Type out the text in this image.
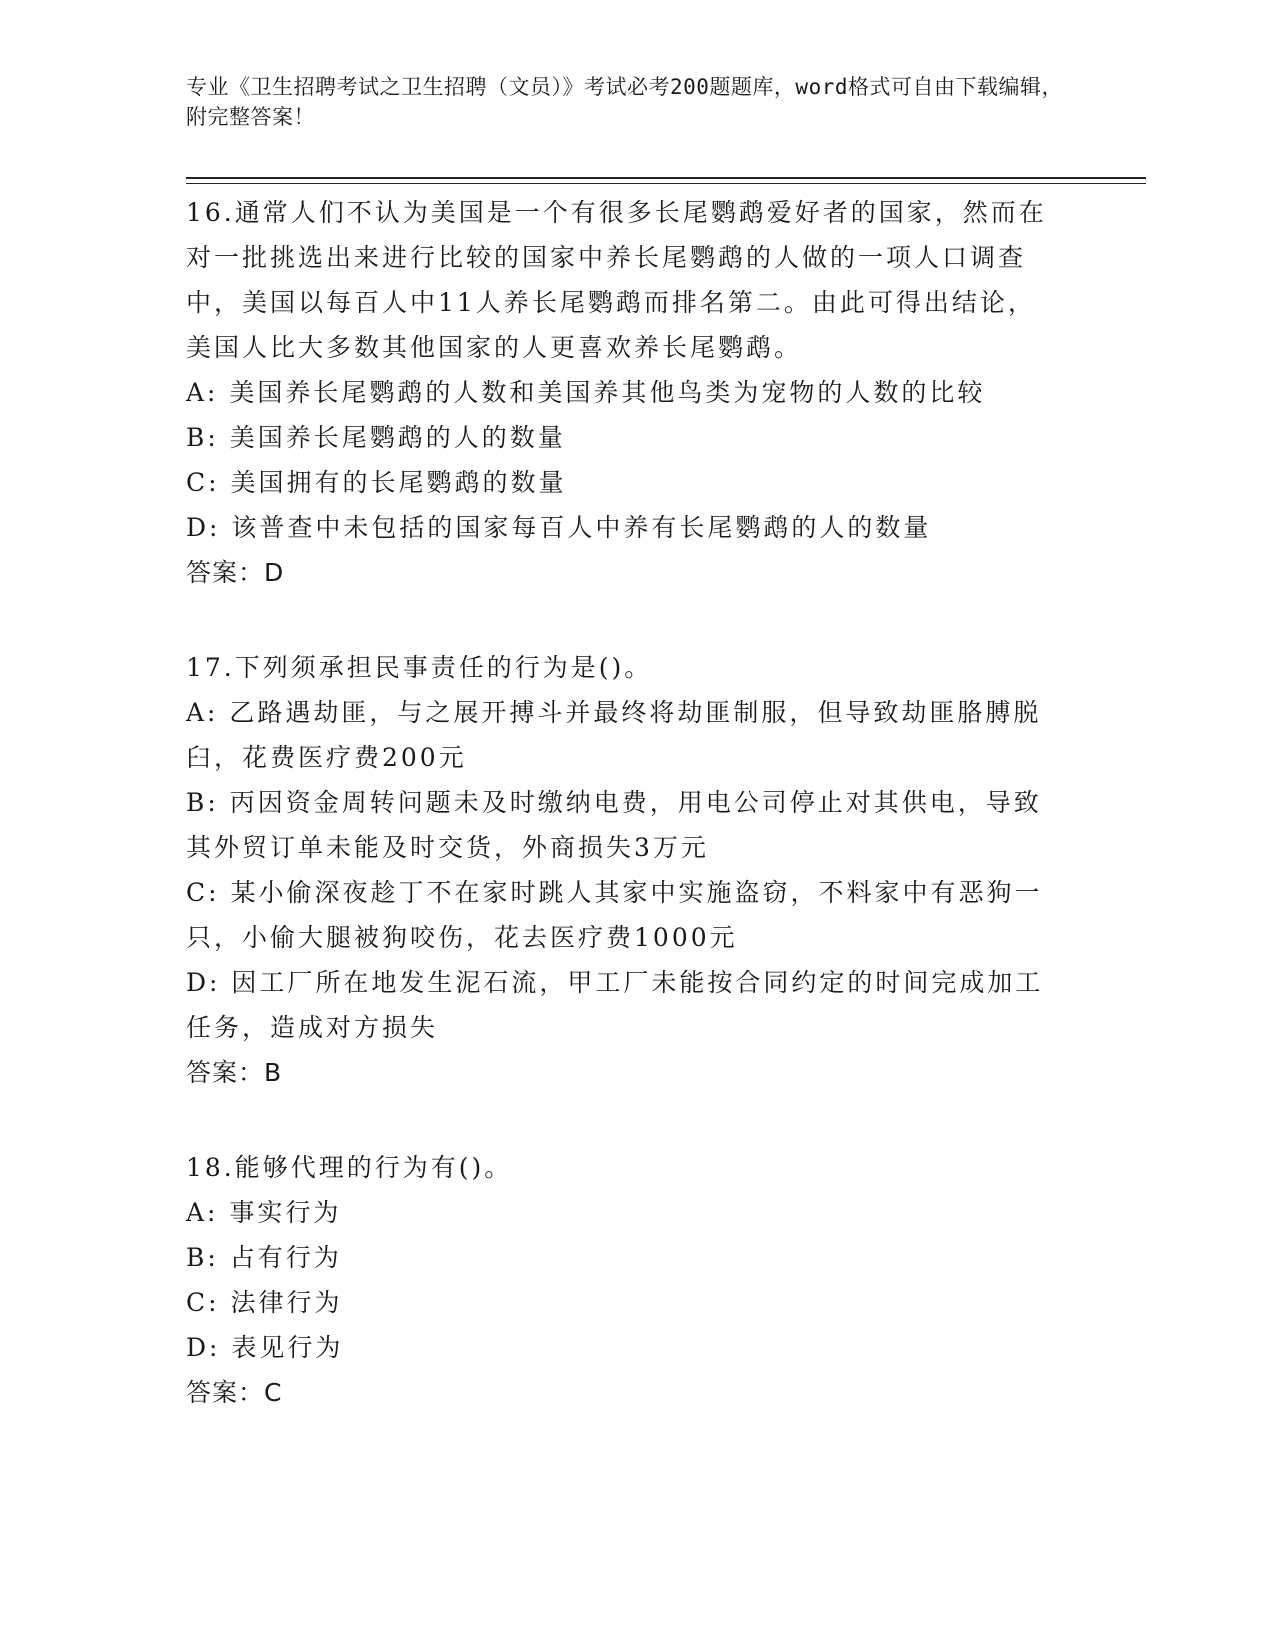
专业《卫生招聘考试之卫生招聘（文员）》考试必考200题题库，word格式可自由下载编辑，附完整答案！
16.通常人们不认为美国是一个有很多长尾鹦鹉爱好者的国家，然而在
对一批挑选出来进行比较的国家中养长尾鹦鹉的人做的一项人口调查
中，美国以每百人中11人养长尾鹦鹉而排名第二。由此可得出结论，
美国人比大多数其他国家的人更喜欢养长尾鹦鹉。
A: 美国养长尾鹦鹉的人数和美国养其他鸟类为宠物的人数的比较
B: 美国养长尾鹦鹉的人的数量
C: 美国拥有的长尾鹦鹉的数量
D: 该普查中未包括的国家每百人中养有长尾鹦鹉的人的数量
答案：D
17.下列须承担民事责任的行为是()。
A: 乙路遇劫匪，与之展开搏斗并最终将劫匪制服，但导致劫匪胳膊脱
臼，花费医疗费200元
B: 丙因资金周转问题未及时缴纳电费，用电公司停止对其供电，导致
其外贸订单未能及时交货，外商损失3万元
C: 某小偷深夜趁丁不在家时跳人其家中实施盗窃，不料家中有恶狗一
只，小偷大腿被狗咬伤，花去医疗费1000元
D: 因工厂所在地发生泥石流，甲工厂未能按合同约定的时间完成加工
任务，造成对方损失
答案：B
18.能够代理的行为有()。
A: 事实行为
B: 占有行为
C: 法律行为
D: 表见行为
答案：C
